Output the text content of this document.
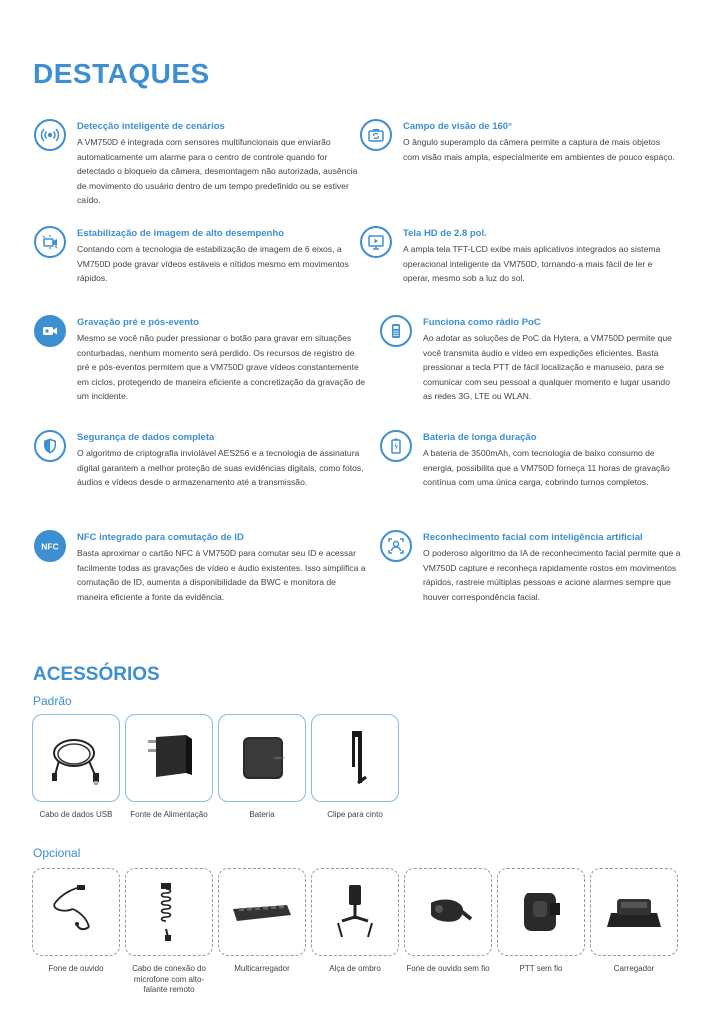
DESTAQUES
Detecção inteligente de cenários
A VM750D é integrada com sensores multifuncionais que enviarão automaticamente um alarme para o centro de controle quando for detectado o bloqueio da câmera, desmontagem não autorizada, ausência de movimento do usuário dentro de um tempo predefinido ou se estiver caído.
Campo de visão de 160°
O ângulo superamplo da câmera permite a captura de mais objetos com visão mais ampla, especialmente em ambientes de pouco espaço.
Estabilização de imagem de alto desempenho
Contando com a tecnologia de estabilização de imagem de 6 eixos, a VM750D pode gravar vídeos estáveis e nítidos mesmo em movimentos rápidos.
Tela HD de 2.8 pol.
A ampla tela TFT-LCD exibe mais aplicativos integrados ao sistema operacional inteligente da VM750D, tornando-a mais fácil de ler e operar, mesmo sob a luz do sol.
Gravação pré e pós-evento
Mesmo se você não puder pressionar o botão para gravar em situações conturbadas, nenhum momento será perdido. Os recursos de registro de pré e pós-eventos permitem que a VM750D grave vídeos constantemente em ciclos, protegendo de maneira eficiente a concretização da gravação de um incidente.
Funciona como rádio PoC
Ao adotar as soluções de PoC da Hytera, a VM750D permite que você transmita áudio e vídeo em expedições eficientes. Basta pressionar a tecla PTT de fácil localização e manuseio, para se comunicar com seu pessoal a qualquer momento e lugar usando as redes 3G, LTE ou WLAN.
Segurança de dados completa
O algoritmo de criptografia inviolável AES256 e a tecnologia de assinatura digital garantem a melhor proteção de suas evidências digitais, como fotos, áudios e vídeos desde o armazenamento até a transmissão.
Bateria de longa duração
A bateria de 3500mAh, com tecnologia de baixo consumo de energia, possibilita que a VM750D forneça 11 horas de gravação contínua com uma única carga, cobrindo turnos completos.
NFC
NFC integrado para comutação de ID
Basta aproximar o cartão NFC à VM750D para comutar seu ID e acessar facilmente todas as gravações de vídeo e áudio existentes. Isso simplifica a comutação de ID, aumenta a disponibilidade da BWC e monitora de maneira eficiente a fonte da evidência.
Reconhecimento facial com inteligência artificial
O poderoso algoritmo da IA de reconhecimento facial permite que a VM750D capture e reconheça rapidamente rostos em movimentos rápidos, rastreie múltiplas pessoas e acione alarmes sempre que houver correspondência facial.
ACESSÓRIOS
Padrão
Cabo de dados USB	Fonte de Alimentação
Hytera
Bateria	Clipe para cinto
Opcional
Fone de ouvido	Cabo de conexão do microfone com alto-falante remoto
Multicarregador	Alça de ombro	Fone de ouvido sem fio	PTT sem fio	Carregador
